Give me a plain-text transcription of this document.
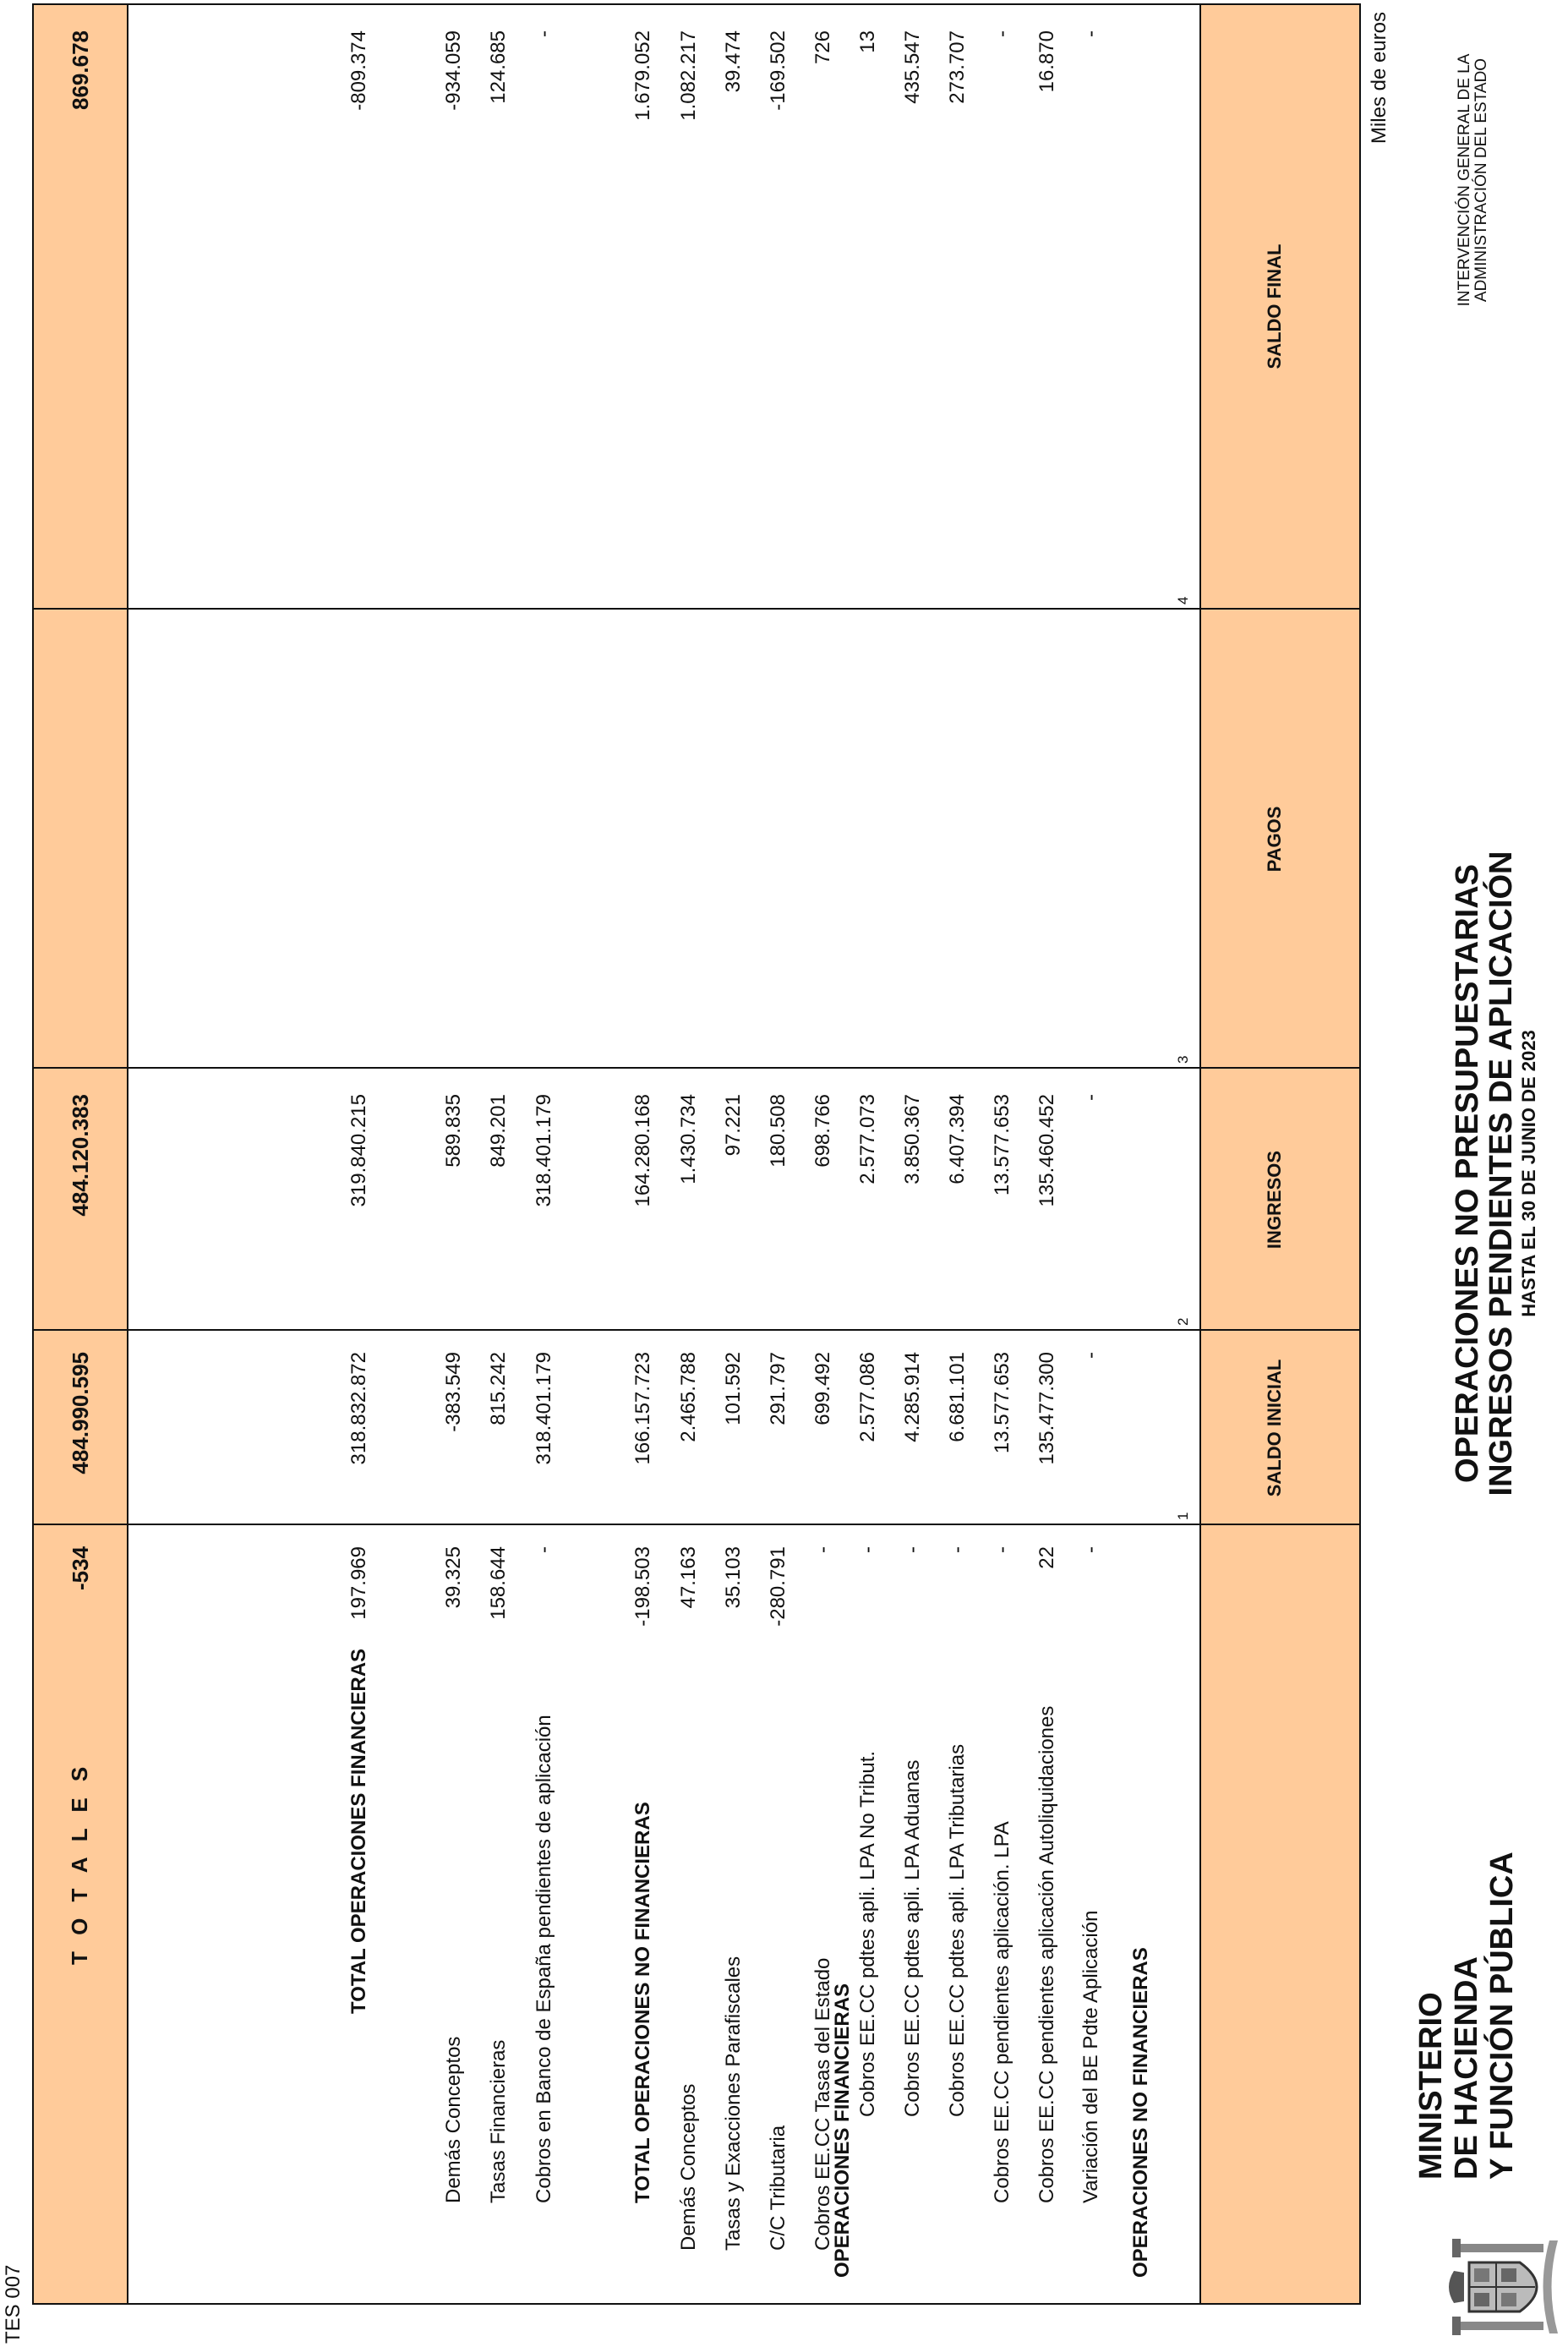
MINISTERIO DE HACIENDA Y FUNCIÓN PÚBLICA
OPERACIONES NO PRESUPUESTARIAS
INGRESOS PENDIENTES DE APLICACIÓN HASTA EL 30 DE JUNIO DE 2023
INTERVENCIÓN GENERAL DE LA ADMINISTRACIÓN DEL ESTADO
Miles de euros
TES 007
SALDO INICIAL
INGRESOS
PAGOS
SALDO FINAL
1
2
3
4
OPERACIONES NO FINANCIERAS
OPERACIONES FINANCIERAS	Variación del BE Pdte Aplicación
Cobros EE.CC pendientes aplicación Autoliquidaciones
Cobros EE.CC pendientes aplicación. LPA
Cobros EE.CC pdtes apli. LPA Tributarias
Cobros EE.CC pdtes apli. LPA Aduanas
Cobros EE.CC pdtes apli. LPA No Tribut.
Cobros EE.CC Tasas del Estado
C/C Tributaria
Tasas y Exacciones Parafiscales
Demás Conceptos
TOTAL OPERACIONES NO FINANCIERAS
Cobros en Banco de España pendientes de aplicación
Tasas Financieras
Demás Conceptos
TOTAL OPERACIONES FINANCIERAS
T O T A L E S
-
-
-
-
22
135.477.300
135.460.452
16.870
-
13.577.653
13.577.653
-
-
6.681.101
6.407.394
273.707
-
4.285.914
3.850.367
435.547
-
2.577.086
2.577.073
13
-
699.492
698.766
726
-280.791
291.797
180.508
-169.502
35.103
101.592
97.221
39.474
47.163
2.465.788
1.430.734
1.082.217
-198.503
166.157.723
164.280.168
1.679.052
-
318.401.179
318.401.179
-
158.644
815.242
849.201
124.685
39.325
-383.549
589.835
-934.059
197.969
318.832.872
319.840.215
-809.374
-534
484.990.595
484.120.383
869.678
